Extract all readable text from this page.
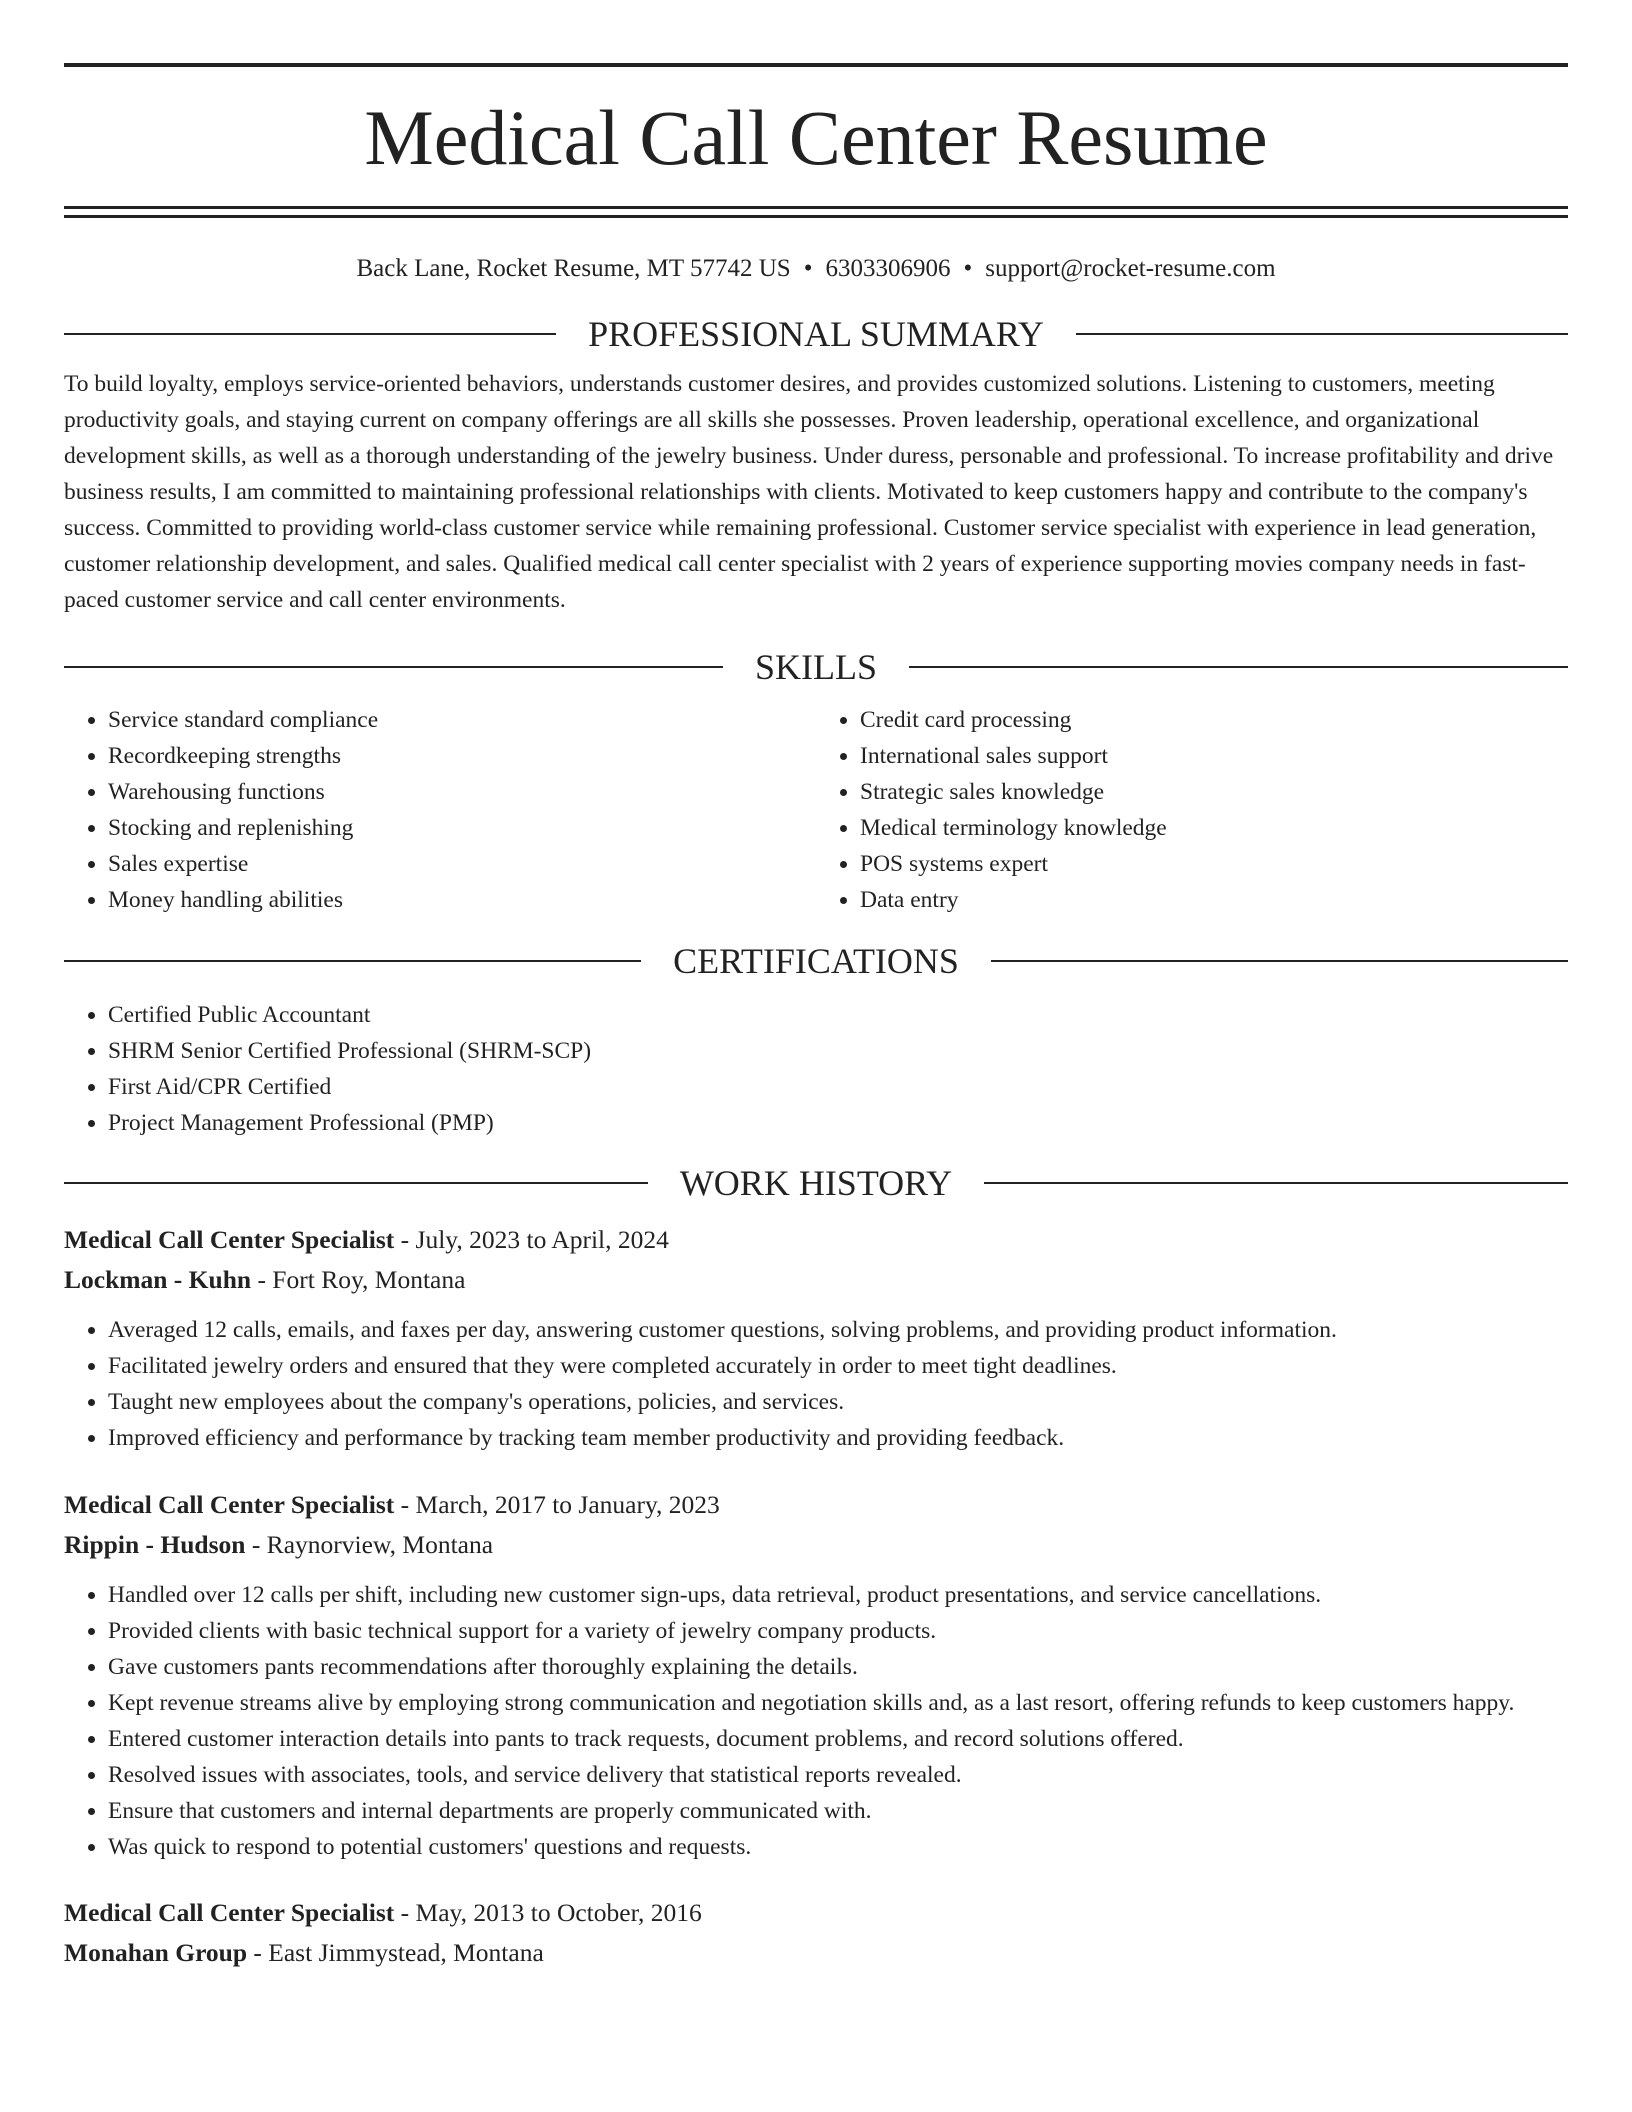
Medical Call Center Resume
Back Lane, Rocket Resume, MT 57742 US • 6303306906 • support@rocket-resume.com
PROFESSIONAL SUMMARY

To build loyalty, employs service-oriented behaviors, understands customer desires, and provides customized solutions. Listening to customers, meeting productivity goals, and staying current on company offerings are all skills she possesses. Proven leadership, operational excellence, and organizational development skills, as well as a thorough understanding of the jewelry business. Under duress, personable and professional. To increase profitability and drive business results, I am committed to maintaining professional relationships with clients. Motivated to keep customers happy and contribute to the company's success. Committed to providing world-class customer service while remaining professional. Customer service specialist with experience in lead generation, customer relationship development, and sales. Qualified medical call center specialist with 2 years of experience supporting movies company needs in fast-paced customer service and call center environments.

SKILLS
• Service standard compliance
• Recordkeeping strengths
• Warehousing functions
• Stocking and replenishing
• Sales expertise
• Money handling abilities
• Credit card processing
• International sales support
• Strategic sales knowledge
• Medical terminology knowledge
• POS systems expert
• Data entry
CERTIFICATIONS
• Certified Public Accountant
• SHRM Senior Certified Professional (SHRM-SCP)
• First Aid/CPR Certified
• Project Management Professional (PMP)
WORK HISTORY
Medical Call Center Specialist - July, 2023 to April, 2024
Lockman - Kuhn - Fort Roy, Montana
• Averaged 12 calls, emails, and faxes per day, answering customer questions, solving problems, and providing product information.
• Facilitated jewelry orders and ensured that they were completed accurately in order to meet tight deadlines.
• Taught new employees about the company's operations, policies, and services.
• Improved efficiency and performance by tracking team member productivity and providing feedback.
Medical Call Center Specialist - March, 2017 to January, 2023
Rippin - Hudson - Raynorview, Montana
• Handled over 12 calls per shift, including new customer sign-ups, data retrieval, product presentations, and service cancellations.
• Provided clients with basic technical support for a variety of jewelry company products.
• Gave customers pants recommendations after thoroughly explaining the details.
• Kept revenue streams alive by employing strong communication and negotiation skills and, as a last resort, offering refunds to keep customers happy.
• Entered customer interaction details into pants to track requests, document problems, and record solutions offered.
• Resolved issues with associates, tools, and service delivery that statistical reports revealed.
• Ensure that customers and internal departments are properly communicated with.
• Was quick to respond to potential customers' questions and requests.
Medical Call Center Specialist - May, 2013 to October, 2016
Monahan Group - East Jimmystead, Montana
